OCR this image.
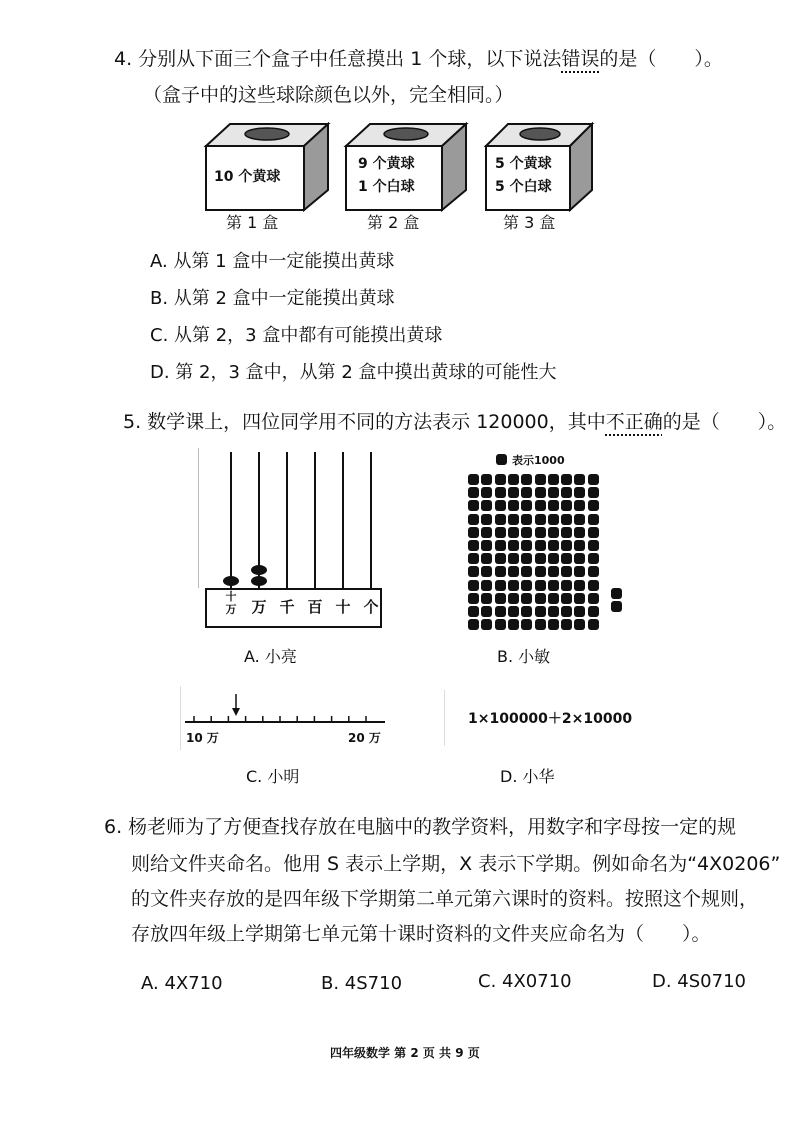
4. 分别从下面三个盒子中任意摸出 1 个球，以下说法错误的是（　　）。
（盒子中的这些球除颜色以外，完全相同。）
10 个黄球
9 个黄球
1 个白球
5 个黄球
5 个白球
第 1 盒	第 2 盒	第 3 盒
A. 从第 1 盒中一定能摸出黄球
B. 从第 2 盒中一定能摸出黄球
C. 从第 2，3 盒中都有可能摸出黄球
D. 第 2，3 盒中，从第 2 盒中摸出黄球的可能性大
5. 数学课上，四位同学用不同的方法表示 120000，其中不正确的是（　　）。
十万 万 千 百 十 个
表示1000
A. 小亮	B. 小敏
10 万	20 万
1×100000＋2×10000
C. 小明	D. 小华
6. 杨老师为了方便查找存放在电脑中的教学资料，用数字和字母按一定的规
则给文件夹命名。他用 S 表示上学期，X 表示下学期。例如命名为“4X0206”
的文件夹存放的是四年级下学期第二单元第六课时的资料。按照这个规则，
存放四年级上学期第七单元第十课时资料的文件夹应命名为（　　）。
A. 4X710	B. 4S710	C. 4X0710	D. 4S0710
四年级数学 第 2 页 共 9 页
